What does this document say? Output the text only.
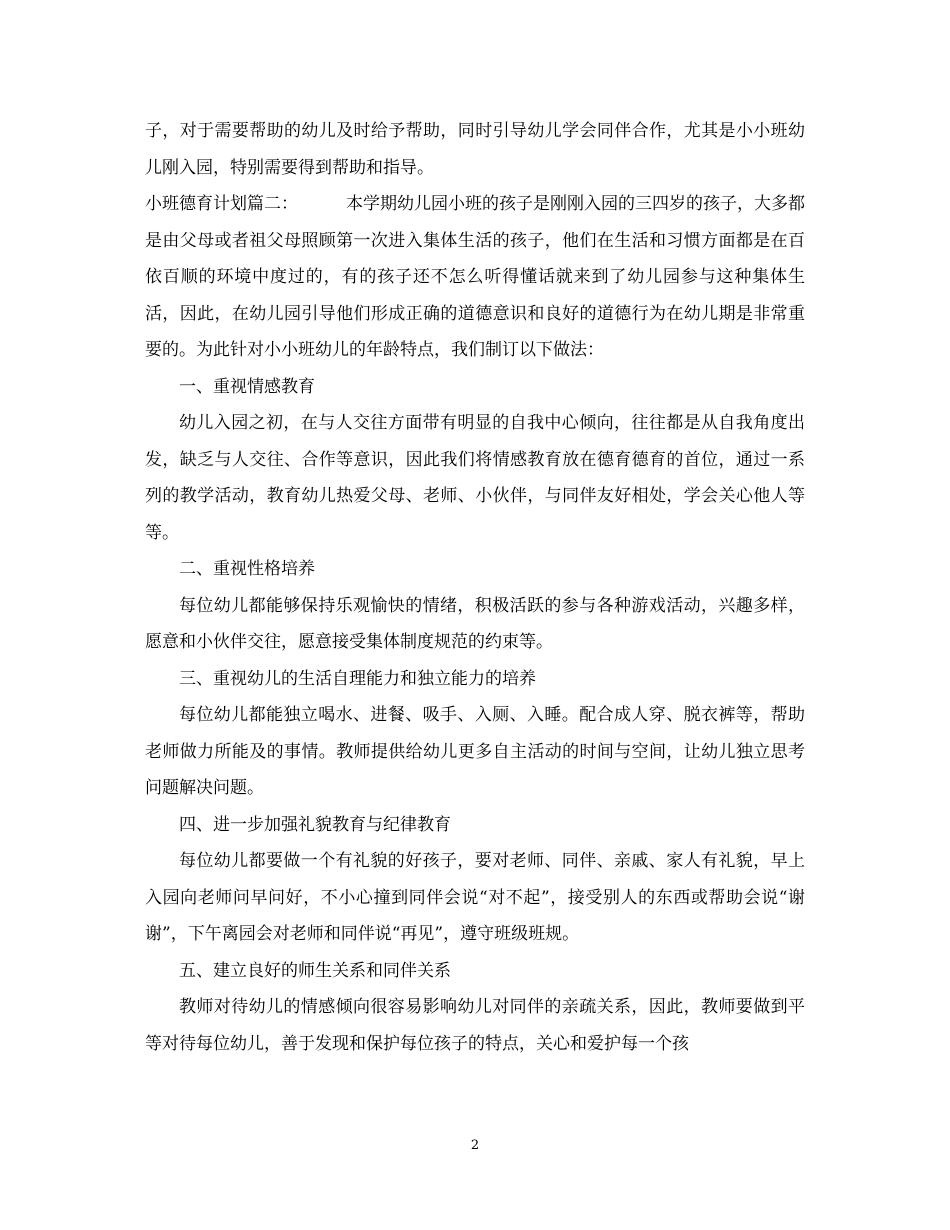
子，对于需要帮助的幼儿及时给予帮助，同时引导幼儿学会同伴合作，尤其是小小班幼儿刚入园，特别需要得到帮助和指导。

小班德育计划篇二：	本学期幼儿园小班的孩子是刚刚入园的三四岁的孩子，大多都是由父母或者祖父母照顾第一次进入集体生活的孩子，他们在生活和习惯方面都是在百依百顺的环境中度过的，有的孩子还不怎么听得懂话就来到了幼儿园参与这种集体生活，因此，在幼儿园引导他们形成正确的道德意识和良好的道德行为在幼儿期是非常重要的。为此针对小小班幼儿的年龄特点，我们制订以下做法：

一、重视情感教育

幼儿入园之初，在与人交往方面带有明显的自我中心倾向，往往都是从自我角度出发，缺乏与人交往、合作等意识，因此我们将情感教育放在德育德育的首位，通过一系列的教学活动，教育幼儿热爱父母、老师、小伙伴，与同伴友好相处，学会关心他人等等。

二、重视性格培养

每位幼儿都能够保持乐观愉快的情绪，积极活跃的参与各种游戏活动，兴趣多样，愿意和小伙伴交往，愿意接受集体制度规范的约束等。

三、重视幼儿的生活自理能力和独立能力的培养

每位幼儿都能独立喝水、进餐、吸手、入厕、入睡。配合成人穿、脱衣裤等，帮助老师做力所能及的事情。教师提供给幼儿更多自主活动的时间与空间，让幼儿独立思考问题解决问题。

四、进一步加强礼貌教育与纪律教育

每位幼儿都要做一个有礼貌的好孩子，要对老师、同伴、亲戚、家人有礼貌，早上入园向老师问早问好，不小心撞到同伴会说“对不起”，接受别人的东西或帮助会说“谢谢”，下午离园会对老师和同伴说“再见”，遵守班级班规。

五、建立良好的师生关系和同伴关系

教师对待幼儿的情感倾向很容易影响幼儿对同伴的亲疏关系，因此，教师要做到平等对待每位幼儿，善于发现和保护每位孩子的特点，关心和爱护每一个孩

2
